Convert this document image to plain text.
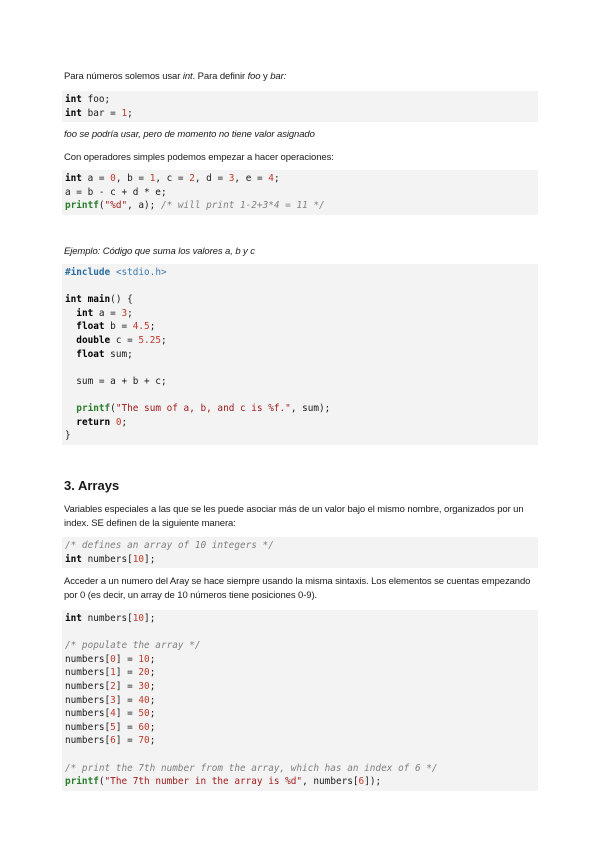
Para números solemos usar int. Para definir foo y bar:

int foo;
int bar = 1;

foo se podría usar, pero de momento no tiene valor asignado

Con operadores simples podemos empezar a hacer operaciones:

int a = 0, b = 1, c = 2, d = 3, e = 4;
a = b - c + d * e;
printf("%d", a); /* will print 1-2+3*4 = 11 */

Ejemplo: Código que suma los valores a, b y c

#include <stdio.h>
int main() {
int a = 3;
float b = 4.5;
double c = 5.25;
float sum;
sum = a + b + c;
printf("The sum of a, b, and c is %f.", sum);
return 0;
}
3. Arrays

Variables especiales a las que se les puede asociar más de un valor bajo el mismo nombre, organizados por un index. SE definen de la siguiente manera:

/* defines an array of 10 integers */
int numbers[10];

Acceder a un numero del Aray se hace siempre usando la misma sintaxis. Los elementos se cuentas empezando por 0 (es decir, un array de 10 números tiene posiciones 0-9).

int numbers[10];
/* populate the array */
numbers[0] = 10;
numbers[1] = 20;
numbers[2] = 30;
numbers[3] = 40;
numbers[4] = 50;
numbers[5] = 60;
numbers[6] = 70;
/* print the 7th number from the array, which has an index of 6 */
printf("The 7th number in the array is %d", numbers[6]);
